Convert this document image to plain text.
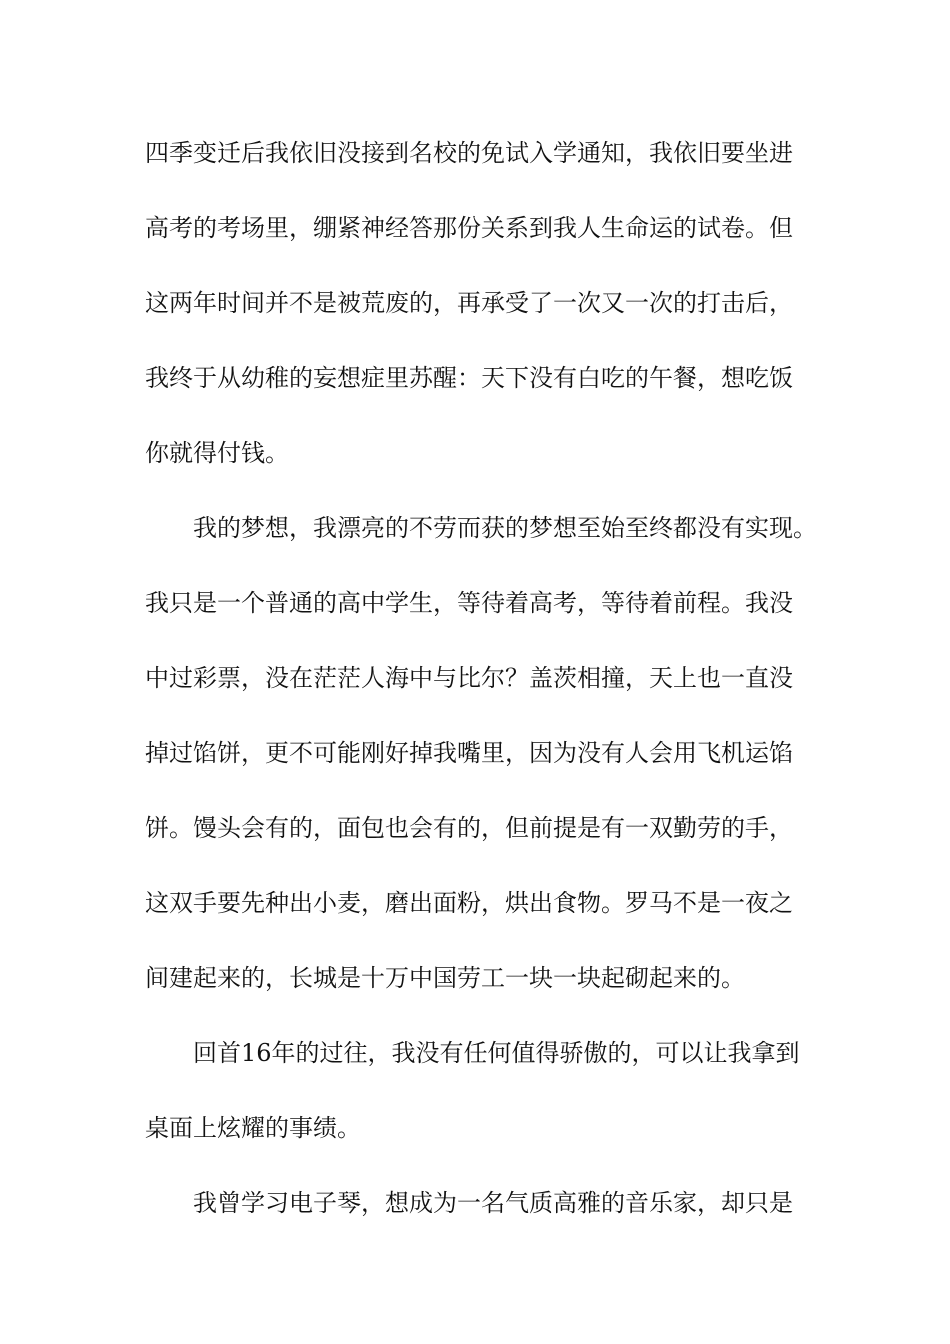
四季变迁后我依旧没接到名校的免试入学通知，我依旧要坐进
高考的考场里，绷紧神经答那份关系到我人生命运的试卷。但
这两年时间并不是被荒废的，再承受了一次又一次的打击后，
我终于从幼稚的妄想症里苏醒：天下没有白吃的午餐，想吃饭
你就得付钱。
我的梦想，我漂亮的不劳而获的梦想至始至终都没有实现。
我只是一个普通的高中学生，等待着高考，等待着前程。我没
中过彩票，没在茫茫人海中与比尔？盖茨相撞，天上也一直没
掉过馅饼，更不可能刚好掉我嘴里，因为没有人会用飞机运馅
饼。馒头会有的，面包也会有的，但前提是有一双勤劳的手，
这双手要先种出小麦，磨出面粉，烘出食物。罗马不是一夜之
间建起来的，长城是十万中国劳工一块一块起砌起来的。
回首16年的过往，我没有任何值得骄傲的，可以让我拿到
桌面上炫耀的事绩。
我曾学习电子琴，想成为一名气质高雅的音乐家，却只是
